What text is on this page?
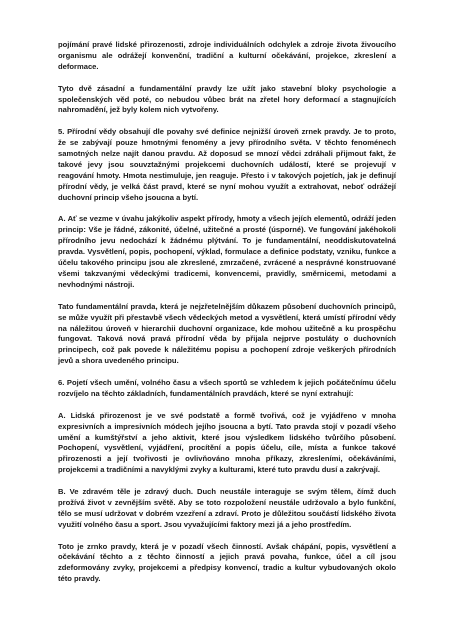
pojímání pravé lidské přirozenosti, zdroje individuálních odchylek a zdroje života živoucího organismu ale odrážejí konvenční, tradiční a kulturní očekávání, projekce, zkreslení a deformace.

Tyto dvě zásadní a fundamentální pravdy lze užít jako stavební bloky psychologie a společenských věd poté, co nebudou vůbec brát na zřetel hory deformací a stagnujících nahromadění, jež byly kolem nich vytvořeny.

5. Přírodní vědy obsahují dle povahy své definice nejnižší úroveň zrnek pravdy. Je to proto, že se zabývají pouze hmotnými fenomény a jevy přírodního světa. V těchto fenoménech samotných nelze najít danou pravdu. Až doposud se mnozí vědci zdráhali přijmout fakt, že takové jevy jsou souvztažnými projekcemi duchovních událostí, které se projevují v reagování hmoty. Hmota nestimuluje, jen reaguje. Přesto i v takových pojetích, jak je definují přírodní vědy, je velká část pravd, které se nyní mohou využít a extrahovat, neboť odrážejí duchovní princip všeho jsoucna a bytí.

A. Ať se vezme v úvahu jakýkoliv aspekt přírody, hmoty a všech jejích elementů, odráží jeden princip: Vše je řádné, zákonité, účelné, užitečné a prosté (úsporné). Ve fungování jakéhokoli přírodního jevu nedochází k žádnému plýtvání. To je fundamentální, neoddiskutovatelná pravda. Vysvětlení, popis, pochopení, výklad, formulace a definice podstaty, vzniku, funkce a účelu takového principu jsou ale zkreslené, zmrzačené, zvrácené a nesprávné konstruované všemi takzvanými vědeckými tradicemi, konvencemi, pravidly, směrnicemi, metodami a nevhodnými nástroji.

Tato fundamentální pravda, která je nejzřetelnějším důkazem působení duchovních principů, se může využít při přestavbě všech vědeckých metod a vysvětlení, která umístí přírodní vědy na náležitou úroveň v hierarchii duchovní organizace, kde mohou užitečně a ku prospěchu fungovat. Taková nová pravá přírodní věda by přijala nejprve postuláty o duchovních principech, což pak povede k náležitému popisu a pochopení zdroje veškerých přírodních jevů a shora uvedeného principu.

6. Pojetí všech umění, volného času a všech sportů se vzhledem k jejich počátečnímu účelu rozvíjelo na těchto základních, fundamentálních pravdách, které se nyní extrahují:

A. Lidská přirozenost je ve své podstatě a formě tvořivá, což je vyjádřeno v mnoha expresivních a impresivních módech jejího jsoucna a bytí. Tato pravda stojí v pozadí všeho umění a kumštýřství a jeho aktivit, které jsou výsledkem lidského tvůrčího působení. Pochopení, vysvětlení, vyjádření, procítění a popis účelu, cíle, místa a funkce takové přirozenosti a její tvořivosti je ovlivňováno mnoha příkazy, zkresleními, očekáváními, projekcemi a tradičními a navyklými zvyky a kulturami, které tuto pravdu dusí a zakrývají.

B. Ve zdravém těle je zdravý duch. Duch neustále interaguje se svým tělem, čímž duch prožívá život v zevnějším světě. Aby se toto rozpoložení neustále udržovalo a bylo funkční, tělo se musí udržovat v dobrém vzezření a zdraví. Proto je důležitou součástí lidského života využití volného času a sport. Jsou vyvažujícími faktory mezi já a jeho prostředím.

Toto je zrnko pravdy, která je v pozadí všech činností. Avšak chápání, popis, vysvětlení a očekávání těchto a z těchto činností a jejich pravá povaha, funkce, účel a cíl jsou zdeformovány zvyky, projekcemi a předpisy konvencí, tradic a kultur vybudovaných okolo této pravdy.
